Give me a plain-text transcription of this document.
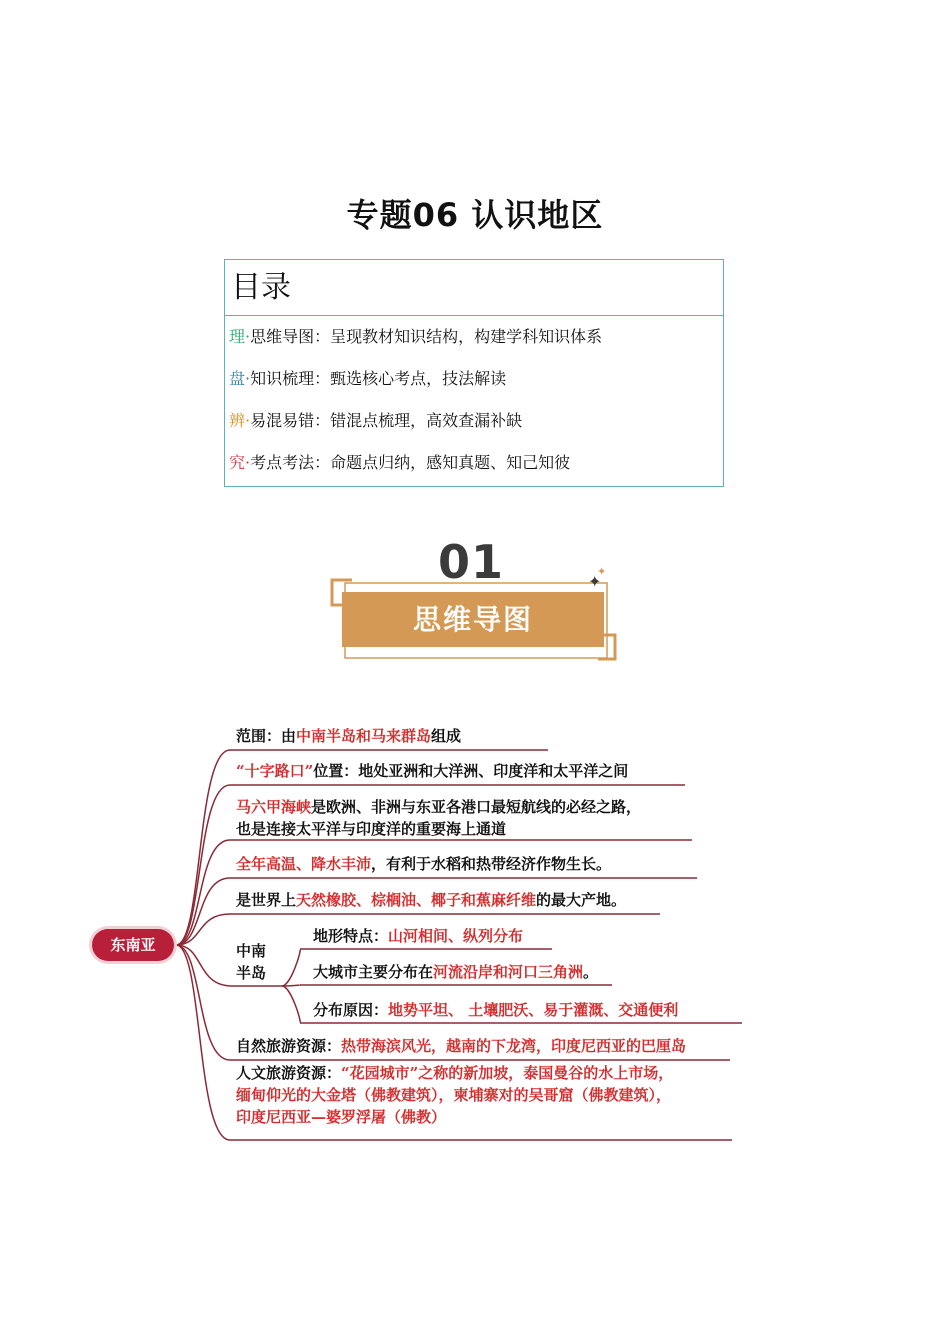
专题06 认识地区
目录
理·思维导图：呈现教材知识结构，构建学科知识体系
盘·知识梳理：甄选核心考点，技法解读
辨·易混易错：错混点梳理，高效查漏补缺
究·考点考法：命题点归纳，感知真题、知己知彼
✦
✦
01
思维导图
东南亚
范围：由中南半岛和马来群岛组成
“十字路口”位置：地处亚洲和大洋洲、印度洋和太平洋之间
马六甲海峡是欧洲、非洲与东亚各港口最短航线的必经之路，
也是连接太平洋与印度洋的重要海上通道
全年高温、降水丰沛，有利于水稻和热带经济作物生长。
是世界上天然橡胶、棕榈油、椰子和蕉麻纤维的最大产地。
中南
半岛
地形特点：山河相间、纵列分布
大城市主要分布在河流沿岸和河口三角洲。
分布原因：地势平坦、 土壤肥沃、易于灌溉、交通便利
自然旅游资源：热带海滨风光，越南的下龙湾，印度尼西亚的巴厘岛
人文旅游资源：“花园城市”之称的新加坡，泰国曼谷的水上市场，
缅甸仰光的大金塔（佛教建筑），柬埔寨对的吴哥窟（佛教建筑），
印度尼西亚—婆罗浮屠（佛教）
